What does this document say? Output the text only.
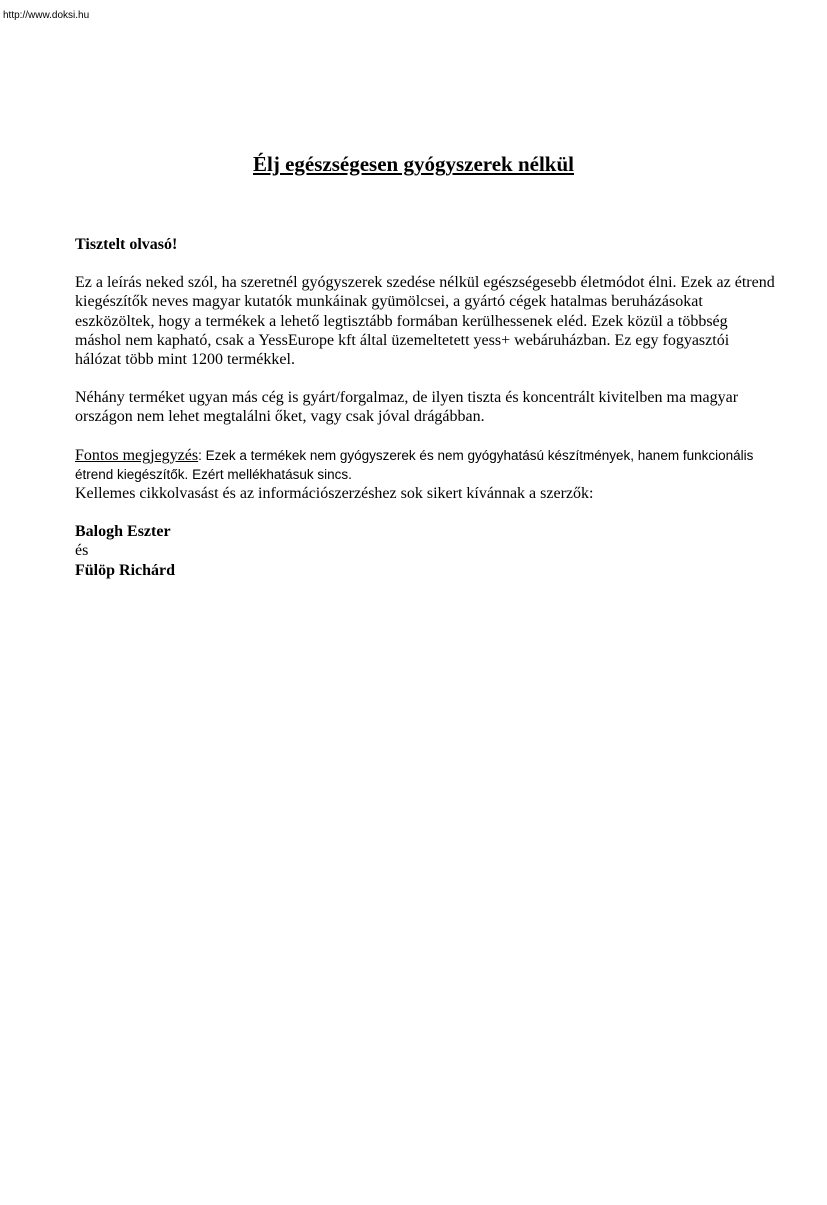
http://www.doksi.hu
Élj egészségesen gyógyszerek nélkül

Tisztelt olvasó!

Ez a leírás neked szól, ha szeretnél gyógyszerek szedése nélkül egészségesebb életmódot élni. Ezek az étrend kiegészítők neves magyar kutatók munkáinak gyümölcsei, a gyártó cégek hatalmas beruházásokat eszközöltek, hogy a termékek a lehető legtisztább formában kerülhessenek eléd. Ezek közül a többség máshol nem kapható, csak a YessEurope kft által üzemeltetett yess+ webáruházban. Ez egy fogyasztói hálózat több mint 1200 termékkel.

Néhány terméket ugyan más cég is gyárt/forgalmaz, de ilyen tiszta és koncentrált kivitelben ma magyar országon nem lehet megtalálni őket, vagy csak jóval drágábban.

Fontos megjegyzés: Ezek a termékek nem gyógyszerek és nem gyógyhatású készítmények, hanem funkcionális étrend kiegészítők. Ezért mellékhatásuk sincs.

Kellemes cikkolvasást és az információszerzéshez sok sikert kívánnak a szerzők:

Balogh Eszter

és

Fülöp Richárd
